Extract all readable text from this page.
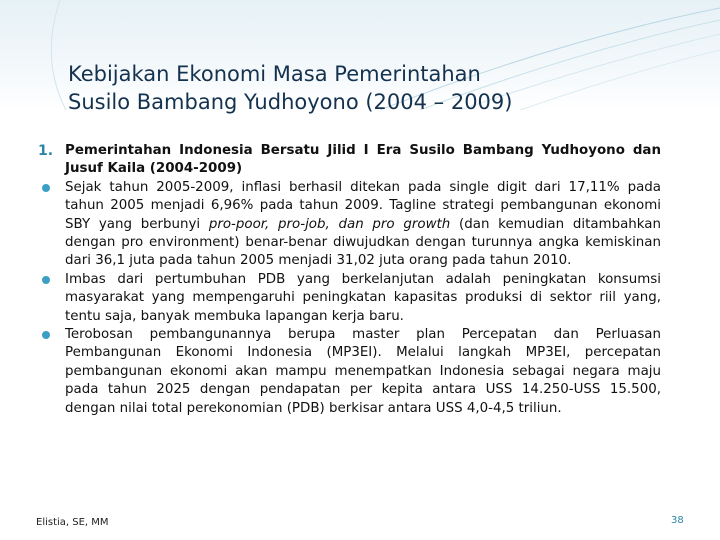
Kebijakan Ekonomi Masa Pemerintahan
Susilo Bambang Yudhoyono (2004 – 2009)
1. Pemerintahan Indonesia Bersatu Jilid I Era Susilo Bambang Yudhoyono dan Jusuf Kaila (2004-2009)
Sejak tahun 2005-2009, inflasi berhasil ditekan pada single digit dari 17,11% pada tahun 2005 menjadi 6,96% pada tahun 2009. Tagline strategi pembangunan ekonomi SBY yang berbunyi pro-poor, pro-job, dan pro growth (dan kemudian ditambahkan dengan pro environment) benar-benar diwujudkan dengan turunnya angka kemiskinan dari 36,1 juta pada tahun 2005 menjadi 31,02 juta orang pada tahun 2010.
Imbas dari pertumbuhan PDB yang berkelanjutan adalah peningkatan konsumsi masyarakat yang mempengaruhi peningkatan kapasitas produksi di sektor riil yang, tentu saja, banyak membuka lapangan kerja baru.
Terobosan pembangunannya berupa master plan Percepatan dan Perluasan Pembangunan Ekonomi Indonesia (MP3EI). Melalui langkah MP3EI, percepatan pembangunan ekonomi akan mampu menempatkan Indonesia sebagai negara maju pada tahun 2025 dengan pendapatan per kepita antara USS 14.250-USS 15.500, dengan nilai total perekonomian (PDB) berkisar antara USS 4,0-4,5 triliun.
Elistia, SE, MM	38
